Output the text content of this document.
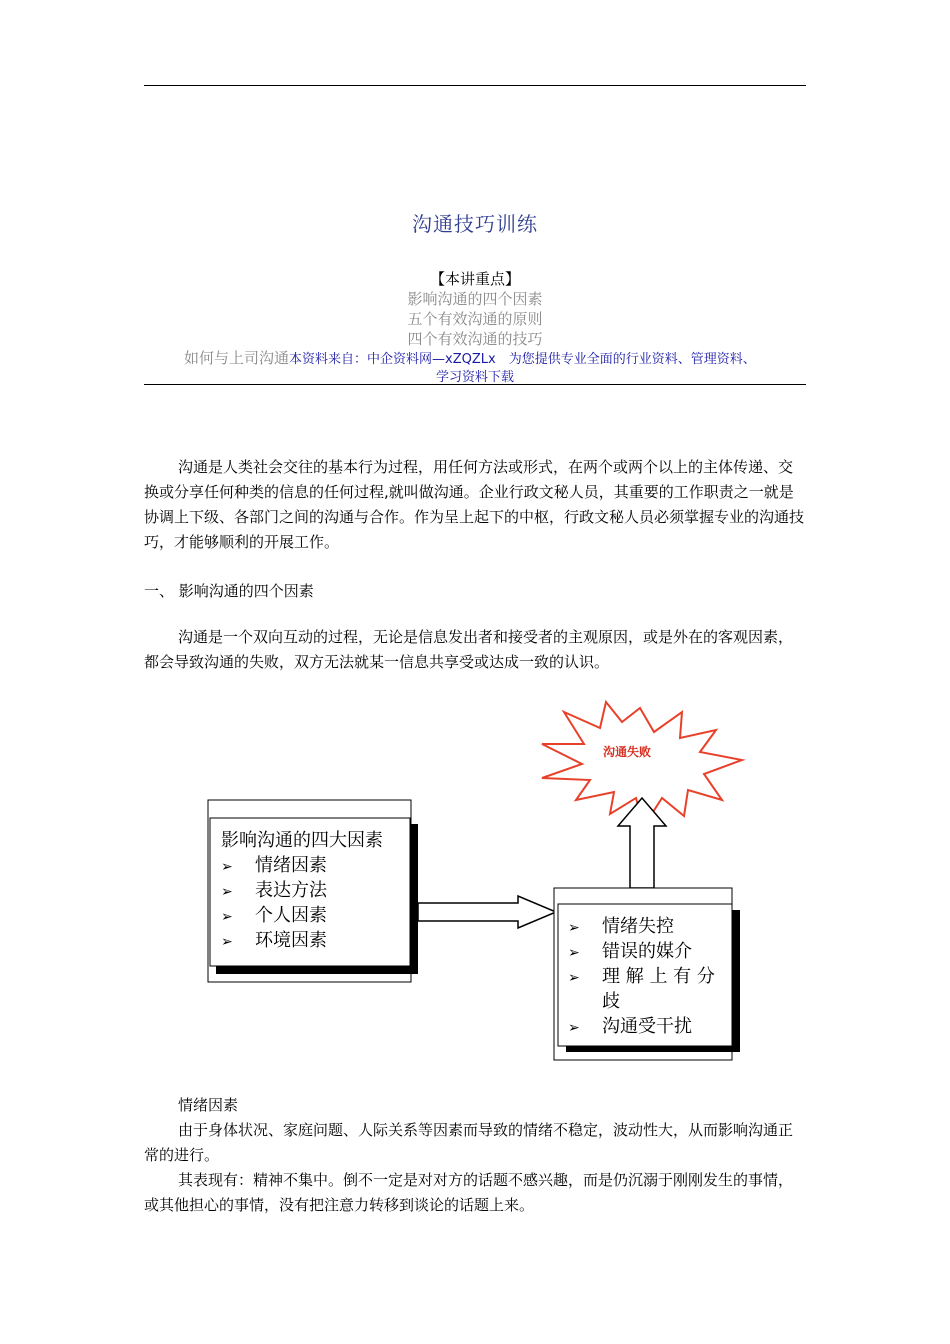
沟通技巧训练
【本讲重点】
影响沟通的四个因素
五个有效沟通的原则
四个有效沟通的技巧
如何与上司沟通本资料来自：中企资料网—xZQZLx　为您提供专业全面的行业资料、管理资料、
学习资料下载
沟通是人类社会交往的基本行为过程，用任何方法或形式，在两个或两个以上的主体传递、交换或分享任何种类的信息的任何过程,就叫做沟通。企业行政文秘人员，其重要的工作职责之一就是协调上下级、各部门之间的沟通与合作。作为呈上起下的中枢，行政文秘人员必须掌握专业的沟通技巧，才能够顺利的开展工作。
一、 影响沟通的四个因素
沟通是一个双向互动的过程，无论是信息发出者和接受者的主观原因，或是外在的客观因素，都会导致沟通的失败，双方无法就某一信息共享受或达成一致的认识。
沟通失败
影响沟通的四大因素
➢ 情绪因素
➢ 表达方法
➢ 个人因素
➢ 环境因素
➢ 情绪失控
➢ 错误的媒介
➢ 理 解 上 有 分
歧
➢ 沟通受干扰
情绪因素
由于身体状况、家庭问题、人际关系等因素而导致的情绪不稳定，波动性大，从而影响沟通正常的进行。
其表现有：精神不集中。倒不一定是对对方的话题不感兴趣，而是仍沉溺于刚刚发生的事情，或其他担心的事情，没有把注意力转移到谈论的话题上来。
